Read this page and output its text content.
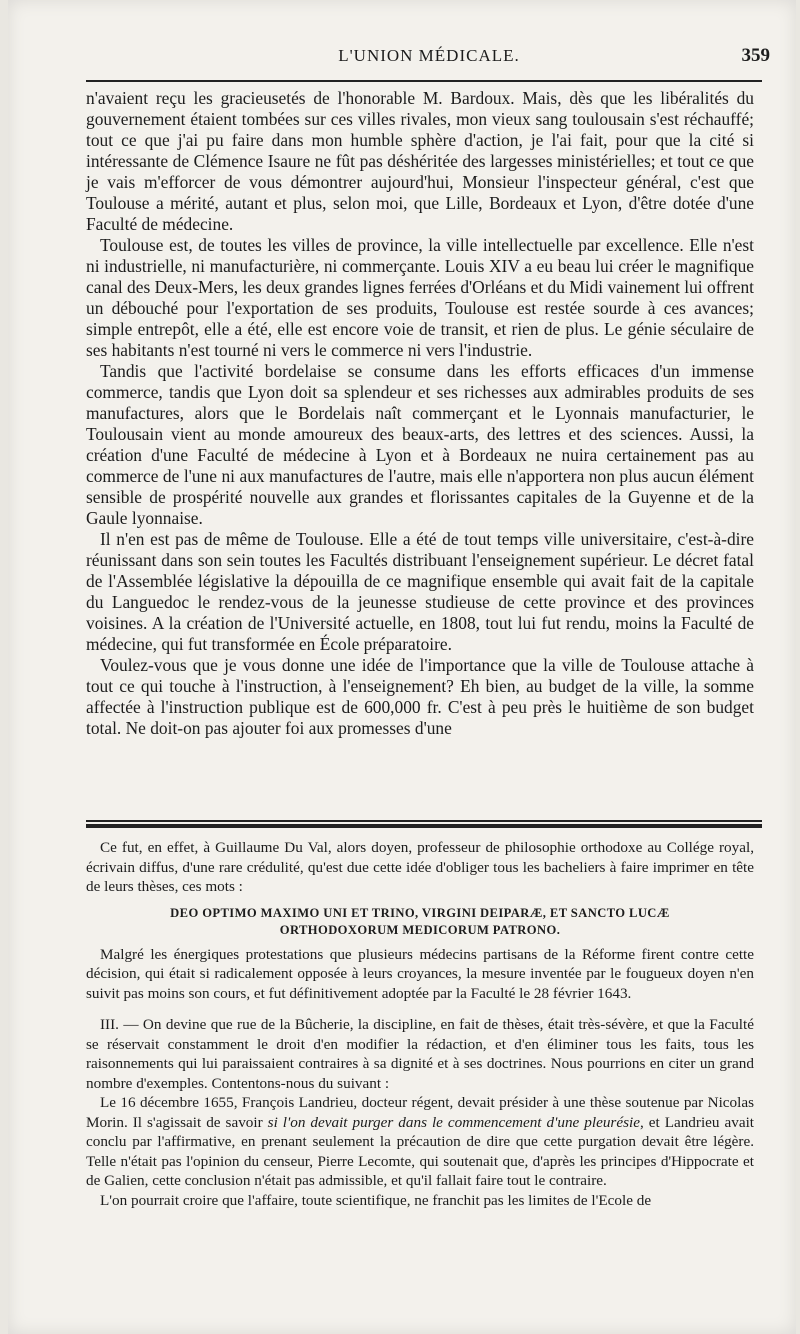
L'UNION MÉDICALE.	359

n'avaient reçu les gracieusetés de l'honorable M. Bardoux. Mais, dès que les libéralités du gouvernement étaient tombées sur ces villes rivales, mon vieux sang toulousain s'est réchauffé; tout ce que j'ai pu faire dans mon humble sphère d'action, je l'ai fait, pour que la cité si intéressante de Clémence Isaure ne fût pas déshéritée des largesses ministérielles; et tout ce que je vais m'efforcer de vous démontrer aujourd'hui, Monsieur l'inspecteur général, c'est que Toulouse a mérité, autant et plus, selon moi, que Lille, Bordeaux et Lyon, d'être dotée d'une Faculté de médecine.

Toulouse est, de toutes les villes de province, la ville intellectuelle par excellence. Elle n'est ni industrielle, ni manufacturière, ni commerçante. Louis XIV a eu beau lui créer le magnifique canal des Deux-Mers, les deux grandes lignes ferrées d'Orléans et du Midi vainement lui offrent un débouché pour l'exportation de ses produits, Toulouse est restée sourde à ces avances; simple entrepôt, elle a été, elle est encore voie de transit, et rien de plus. Le génie séculaire de ses habitants n'est tourné ni vers le commerce ni vers l'industrie.

Tandis que l'activité bordelaise se consume dans les efforts efficaces d'un immense commerce, tandis que Lyon doit sa splendeur et ses richesses aux admirables produits de ses manufactures, alors que le Bordelais naît commerçant et le Lyonnais manufacturier, le Toulousain vient au monde amoureux des beaux-arts, des lettres et des sciences. Aussi, la création d'une Faculté de médecine à Lyon et à Bordeaux ne nuira certainement pas au commerce de l'une ni aux manufactures de l'autre, mais elle n'apportera non plus aucun élément sensible de prospérité nouvelle aux grandes et florissantes capitales de la Guyenne et de la Gaule lyonnaise.

Il n'en est pas de même de Toulouse. Elle a été de tout temps ville universitaire, c'est-à-dire réunissant dans son sein toutes les Facultés distribuant l'enseignement supérieur. Le décret fatal de l'Assemblée législative la dépouilla de ce magnifique ensemble qui avait fait de la capitale du Languedoc le rendez-vous de la jeunesse studieuse de cette province et des provinces voisines. A la création de l'Université actuelle, en 1808, tout lui fut rendu, moins la Faculté de médecine, qui fut transformée en École préparatoire.

Voulez-vous que je vous donne une idée de l'importance que la ville de Toulouse attache à tout ce qui touche à l'instruction, à l'enseignement? Eh bien, au budget de la ville, la somme affectée à l'instruction publique est de 600,000 fr. C'est à peu près le huitième de son budget total. Ne doit-on pas ajouter foi aux promesses d'une

Ce fut, en effet, à Guillaume Du Val, alors doyen, professeur de philosophie orthodoxe au Collége royal, écrivain diffus, d'une rare crédulité, qu'est due cette idée d'obliger tous les bacheliers à faire imprimer en tête de leurs thèses, ces mots :

DEO OPTIMO MAXIMO UNI ET TRINO, VIRGINI DEIPARÆ, ET SANCTO LUCÆ
ORTHODOXORUM MEDICORUM PATRONO.

Malgré les énergiques protestations que plusieurs médecins partisans de la Réforme firent contre cette décision, qui était si radicalement opposée à leurs croyances, la mesure inventée par le fougueux doyen n'en suivit pas moins son cours, et fut définitivement adoptée par la Faculté le 28 février 1643.

III. — On devine que rue de la Bûcherie, la discipline, en fait de thèses, était très-sévère, et que la Faculté se réservait constamment le droit d'en modifier la rédaction, et d'en éliminer tous les faits, tous les raisonnements qui lui paraissaient contraires à sa dignité et à ses doctrines. Nous pourrions en citer un grand nombre d'exemples. Contentons-nous du suivant :

Le 16 décembre 1655, François Landrieu, docteur régent, devait présider à une thèse soutenue par Nicolas Morin. Il s'agissait de savoir si l'on devait purger dans le commencement d'une pleurésie, et Landrieu avait conclu par l'affirmative, en prenant seulement la précaution de dire que cette purgation devait être légère. Telle n'était pas l'opinion du censeur, Pierre Lecomte, qui soutenait que, d'après les principes d'Hippocrate et de Galien, cette conclusion n'était pas admissible, et qu'il fallait faire tout le contraire.

L'on pourrait croire que l'affaire, toute scientifique, ne franchit pas les limites de l'Ecole de
